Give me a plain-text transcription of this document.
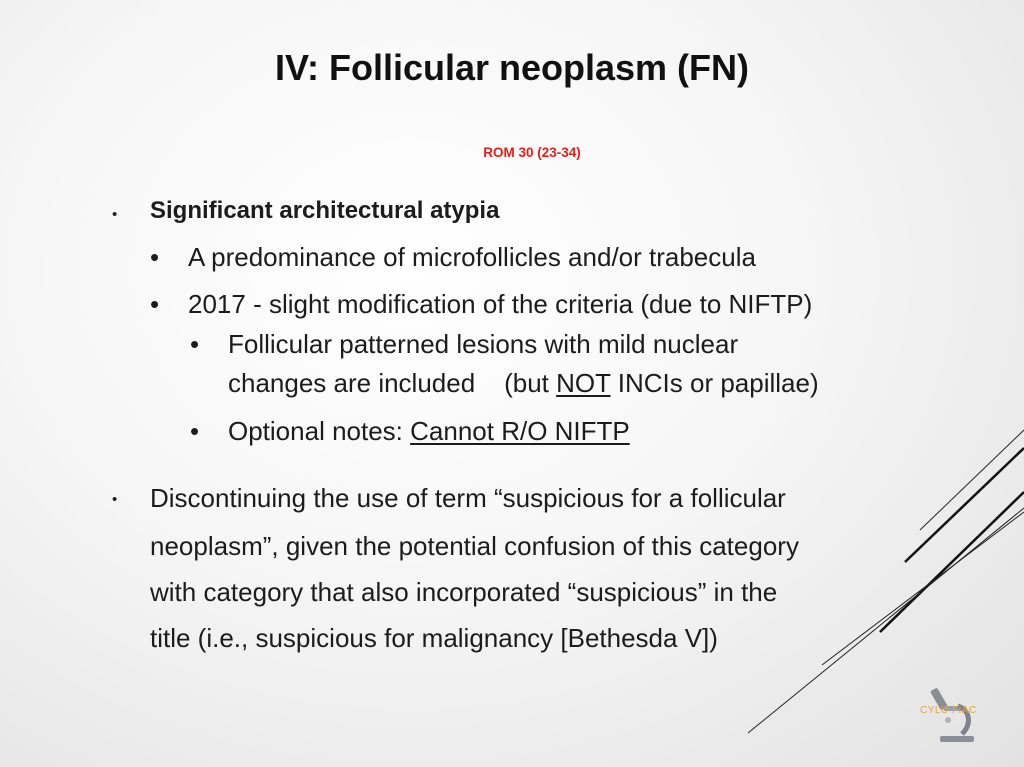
IV: Follicular neoplasm (FN)
ROM 30 (23-34)
• Significant architectural atypia
• A predominance of microfollicles and/or trabecula
• 2017 - slight modification of the criteria (due to NIFTP)
• Follicular patterned lesions with mild nuclear
changes are included    (but NOT INCIs or papillae)
• Optional notes: Cannot R/O NIFTP
• Discontinuing the use of term “suspicious for a follicular
neoplasm”, given the potential confusion of this category
with category that also incorporated “suspicious” in the
title (i.e., suspicious for malignancy [Bethesda V])
CYLU FIAC
